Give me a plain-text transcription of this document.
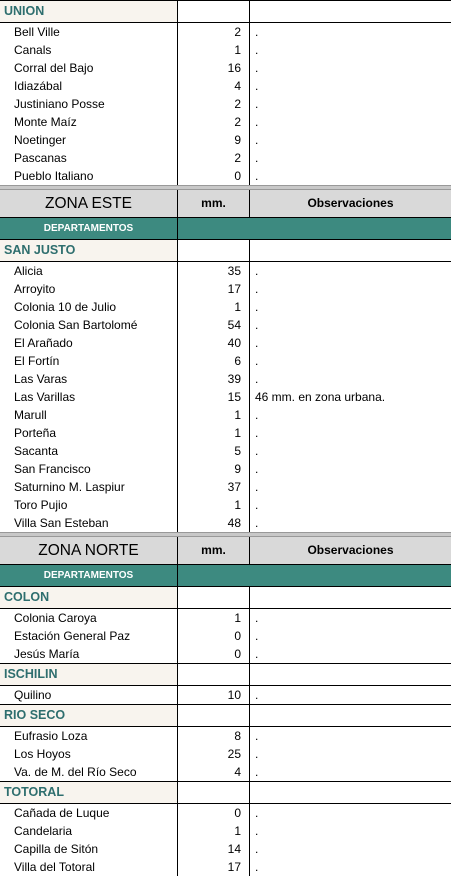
UNION
Bell Ville	2	.
Canals	1	.
Corral del Bajo	16	.
Idiazábal	4	.
Justiniano Posse	2	.
Monte Maíz	2	.
Noetinger	9	.
Pascanas	2	.
Pueblo Italiano	0	.
ZONA ESTE	mm.	Observaciones
DEPARTAMENTOS
SAN JUSTO
Alicia	35	.
Arroyito	17	.
Colonia 10 de Julio	1	.
Colonia San Bartolomé	54	.
El Arañado	40	.
El Fortín	6	.
Las Varas	39	.
Las Varillas	15	46 mm. en zona urbana.
Marull	1	.
Porteña	1	.
Sacanta	5	.
San Francisco	9	.
Saturnino M. Laspiur	37	.
Toro Pujio	1	.
Villa San Esteban	48	.
ZONA NORTE	mm.	Observaciones
DEPARTAMENTOS
COLON
Colonia Caroya	1	.
Estación General Paz	0	.
Jesús María	0	.
ISCHILIN
Quilino	10	.
RIO SECO
Eufrasio Loza	8	.
Los Hoyos	25	.
Va. de M. del Río Seco	4	.
TOTORAL
Cañada de Luque	0	.
Candelaria	1	.
Capilla de Sitón	14	.
Villa del Totoral	17	.
